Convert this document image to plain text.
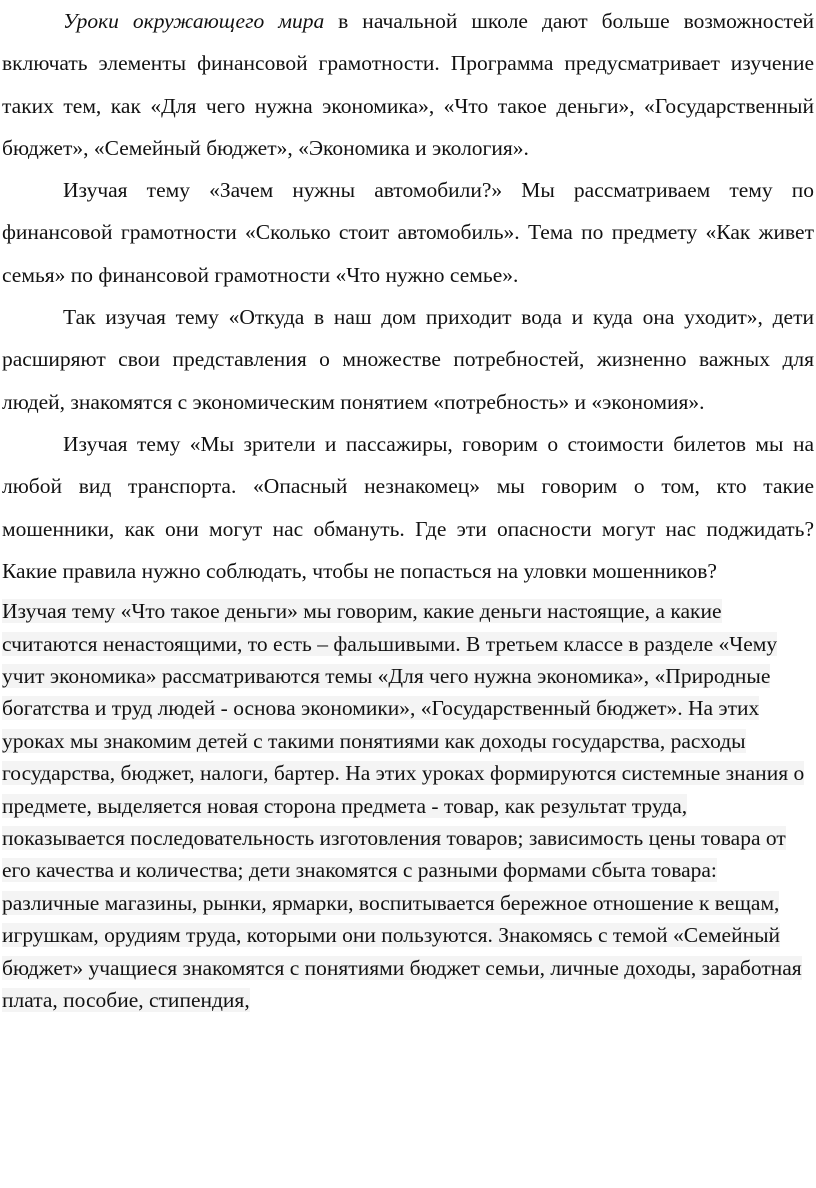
Уроки окружающего мира в начальной школе дают больше возможностей включать элементы финансовой грамотности. Программа предусматривает изучение таких тем, как «Для чего нужна экономика», «Что такое деньги», «Государственный бюджет», «Семейный бюджет», «Экономика и экология».

Изучая тему «Зачем нужны автомобили?» Мы рассматриваем тему по финансовой грамотности «Сколько стоит автомобиль». Тема по предмету «Как живет семья» по финансовой грамотности «Что нужно семье».

Так изучая тему «Откуда в наш дом приходит вода и куда она уходит», дети расширяют свои представления о множестве потребностей, жизненно важных для людей, знакомятся с экономическим понятием «потребность» и «экономия».

Изучая тему «Мы зрители и пассажиры, говорим о стоимости билетов мы на любой вид транспорта. «Опасный незнакомец» мы говорим о том, кто такие мошенники, как они могут нас обмануть. Где эти опасности могут нас поджидать? Какие правила нужно соблюдать, чтобы не попасться на уловки мошенников?

Изучая тему «Что такое деньги» мы говорим, какие деньги настоящие, а какие считаются ненастоящими, то есть – фальшивыми. В третьем классе в разделе «Чему учит экономика» рассматриваются темы «Для чего нужна экономика», «Природные богатства и труд людей - основа экономики», «Государственный бюджет». На этих уроках мы знакомим детей с такими понятиями как доходы государства, расходы государства, бюджет, налоги, бартер. На этих уроках формируются системные знания о предмете, выделяется новая сторона предмета - товар, как результат труда, показывается последовательность изготовления товаров; зависимость цены товара от его качества и количества; дети знакомятся с разными формами сбыта товара: различные магазины, рынки, ярмарки, воспитывается бережное отношение к вещам, игрушкам, орудиям труда, которыми они пользуются. Знакомясь с темой «Семейный бюджет» учащиеся знакомятся с понятиями бюджет семьи, личные доходы, заработная плата, пособие, стипендия,
